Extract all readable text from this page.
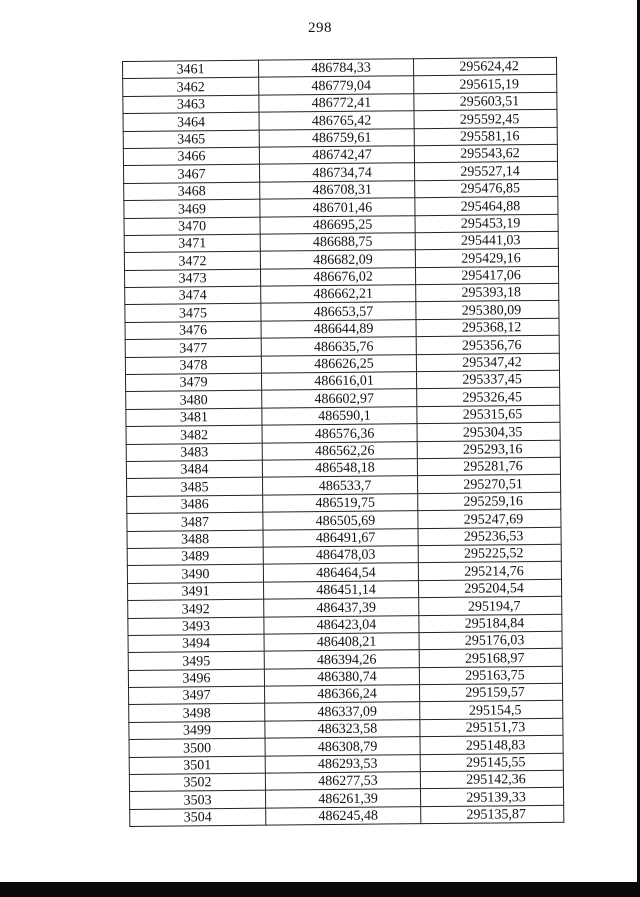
298
3461	486784,33	295624,42
3462	486779,04	295615,19
3463	486772,41	295603,51
3464	486765,42	295592,45
3465	486759,61	295581,16
3466	486742,47	295543,62
3467	486734,74	295527,14
3468	486708,31	295476,85
3469	486701,46	295464,88
3470	486695,25	295453,19
3471	486688,75	295441,03
3472	486682,09	295429,16
3473	486676,02	295417,06
3474	486662,21	295393,18
3475	486653,57	295380,09
3476	486644,89	295368,12
3477	486635,76	295356,76
3478	486626,25	295347,42
3479	486616,01	295337,45
3480	486602,97	295326,45
3481	486590,1	295315,65
3482	486576,36	295304,35
3483	486562,26	295293,16
3484	486548,18	295281,76
3485	486533,7	295270,51
3486	486519,75	295259,16
3487	486505,69	295247,69
3488	486491,67	295236,53
3489	486478,03	295225,52
3490	486464,54	295214,76
3491	486451,14	295204,54
3492	486437,39	295194,7
3493	486423,04	295184,84
3494	486408,21	295176,03
3495	486394,26	295168,97
3496	486380,74	295163,75
3497	486366,24	295159,57
3498	486337,09	295154,5
3499	486323,58	295151,73
3500	486308,79	295148,83
3501	486293,53	295145,55
3502	486277,53	295142,36
3503	486261,39	295139,33
3504	486245,48	295135,87
